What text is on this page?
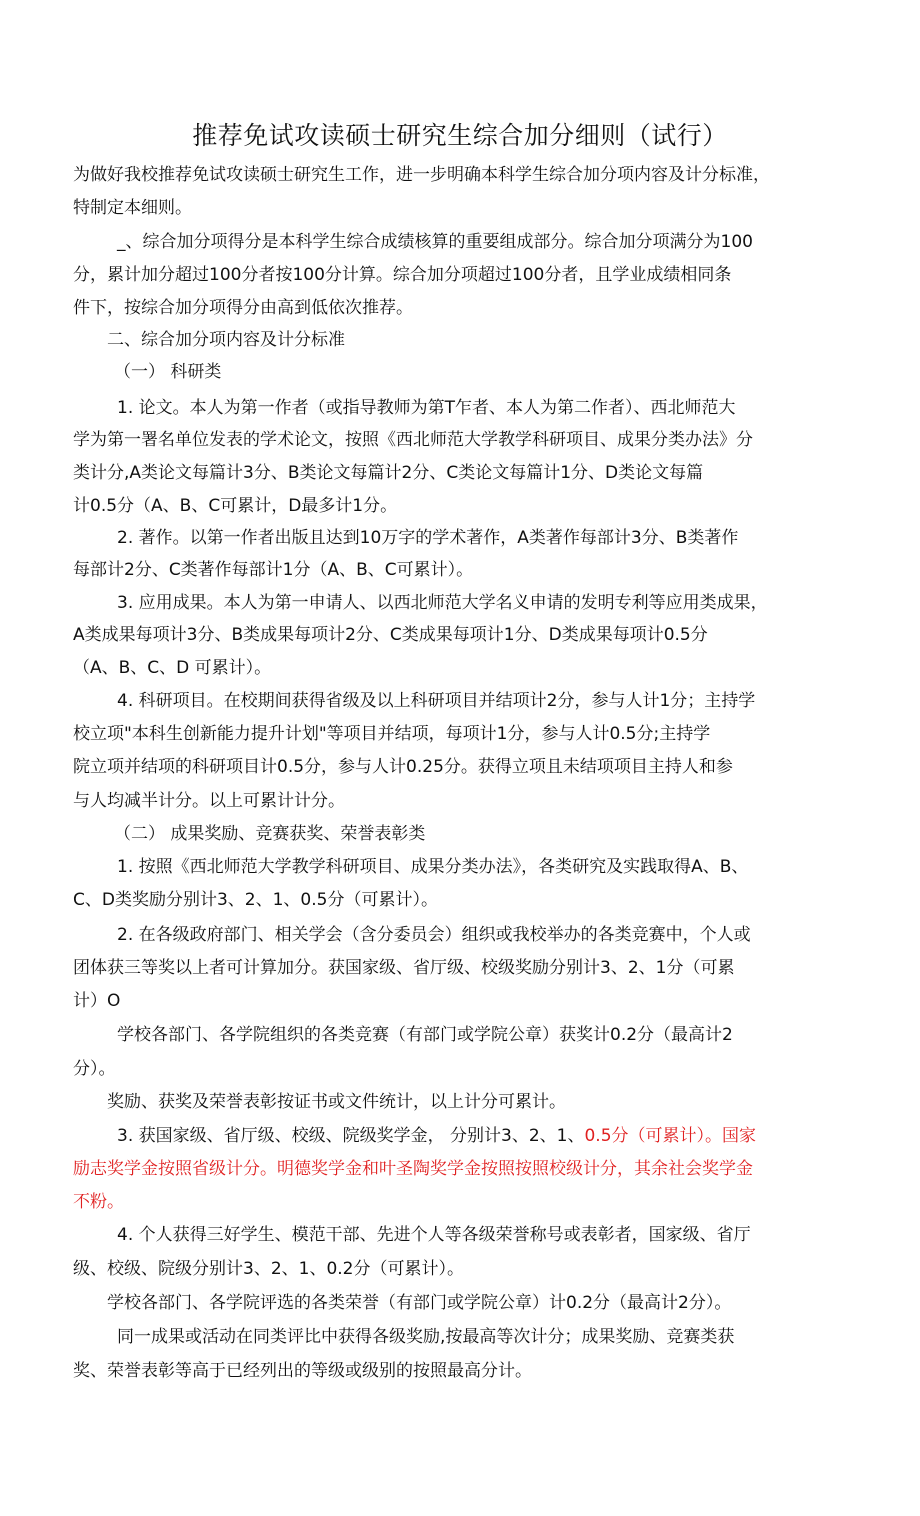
推荐免试攻读硕士研究生综合加分细则（试行）
为做好我校推荐免试攻读硕士研究生工作，进一步明确本科学生综合加分项内容及计分标准，
特制定本细则。
_、综合加分项得分是本科学生综合成绩核算的重要组成部分。综合加分项满分为100
分，累计加分超过100分者按100分计算。综合加分项超过100分者，且学业成绩相同条
件下，按综合加分项得分由高到低依次推荐。
二、综合加分项内容及计分标准
（一） 科研类
1. 论文。本人为第一作者（或指导教师为第T乍者、本人为第二作者）、西北师范大
学为第一署名单位发表的学术论文，按照《西北师范大学教学科研项目、成果分类办法》分
类计分,A类论文每篇计3分、B类论文每篇计2分、C类论文每篇计1分、D类论文每篇
计0.5分（A、B、C可累计，D最多计1分。
2. 著作。以第一作者出版且达到10万字的学术著作，A类著作每部计3分、B类著作
每部计2分、C类著作每部计1分（A、B、C可累计）。
3. 应用成果。本人为第一申请人、以西北师范大学名义申请的发明专利等应用类成果，
A类成果每项计3分、B类成果每项计2分、C类成果每项计1分、D类成果每项计0.5分
（A、B、C、D 可累计）。
4. 科研项目。在校期间获得省级及以上科研项目并结项计2分，参与人计1分；主持学
校立项"本科生创新能力提升计划"等项目并结项，每项计1分，参与人计0.5分;主持学
院立项并结项的科研项目计0.5分，参与人计0.25分。获得立项且未结项项目主持人和参
与人均减半计分。以上可累计计分。
（二） 成果奖励、竞赛获奖、荣誉表彰类
1. 按照《西北师范大学教学科研项目、成果分类办法》，各类研究及实践取得A、B、
C、D类奖励分别计3、2、1、0.5分（可累计）。
2. 在各级政府部门、相关学会（含分委员会）组织或我校举办的各类竞赛中，个人或
团体获三等奖以上者可计算加分。获国家级、省厅级、校级奖励分别计3、2、1分（可累
计）O
学校各部门、各学院组织的各类竞赛（有部门或学院公章）获奖计0.2分（最高计2
分）。
奖励、获奖及荣誉表彰按证书或文件统计，以上计分可累计。
3. 获国家级、省厅级、校级、院级奖学金， 分别计3、2、1、0.5分（可累计）。国家
励志奖学金按照省级计分。明德奖学金和叶圣陶奖学金按照按照校级计分，其余社会奖学金
不粉。
4. 个人获得三好学生、模范干部、先进个人等各级荣誉称号或表彰者，国家级、省厅
级、校级、院级分别计3、2、1、0.2分（可累计）。
学校各部门、各学院评选的各类荣誉（有部门或学院公章）计0.2分（最高计2分）。
同一成果或活动在同类评比中获得各级奖励,按最高等次计分；成果奖励、竞赛类获
奖、荣誉表彰等高于已经列出的等级或级别的按照最高分计。
